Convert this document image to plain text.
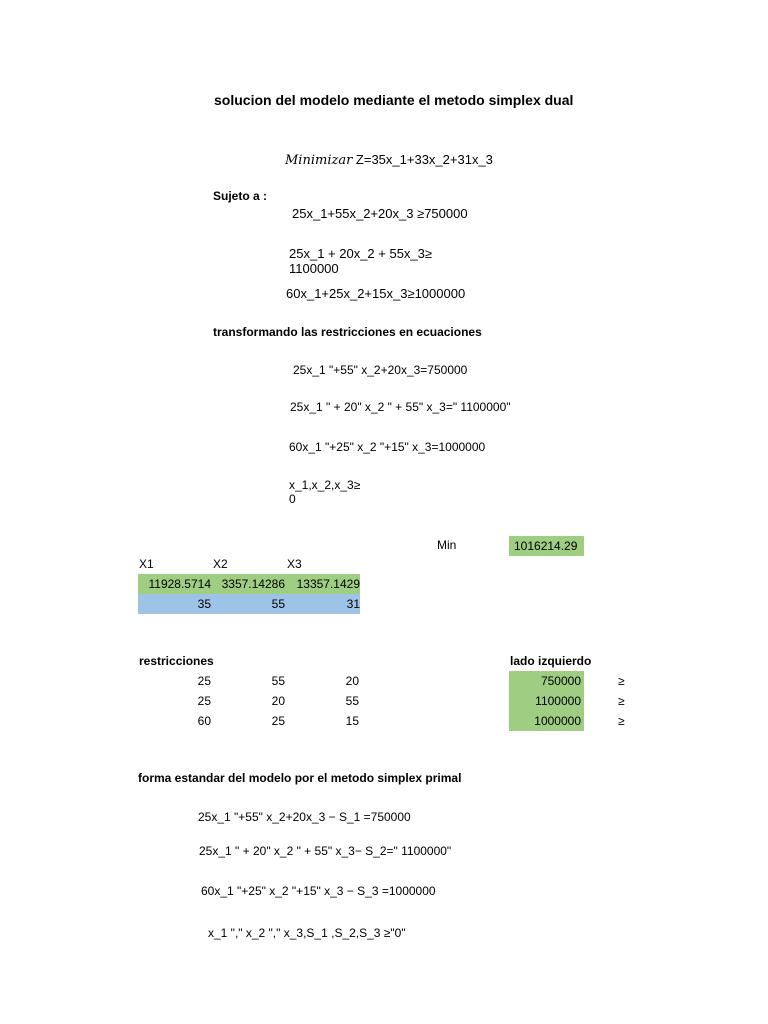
solucion del modelo mediante el metodo simplex dual
Minimizar Z=35x_1+33x_2+31x_3
Sujeto a :
25x_1+55x_2+20x_3 ≥750000
25x_1 + 20x_2 + 55x_3≥
1100000
60x_1+25x_2+15x_3≥1000000
transformando las restricciones en ecuaciones
25x_1 "+55" x_2+20x_3=750000
25x_1 " + 20" x_2 " + 55" x_3=" 1100000"
60x_1 "+25" x_2 "+15" x_3=1000000
x_1,x_2,x_3≥
0
Min	1016214.29
X1	X2	X3
11928.5714 3357.14286 13357.1429
35	55	31
restricciones	lado izquierdo
25	55	20	750000	≥
25	20	55	1100000	≥
60	25	15	1000000	≥
forma estandar del modelo por el metodo simplex primal
25x_1 "+55" x_2+20x_3 − S_1 =750000
25x_1 " + 20" x_2 " + 55" x_3− S_2=" 1100000"
60x_1 "+25" x_2 "+15" x_3 − S_3 =1000000
x_1 "," x_2 "," x_3,S_1 ,S_2,S_3 ≥"0"
